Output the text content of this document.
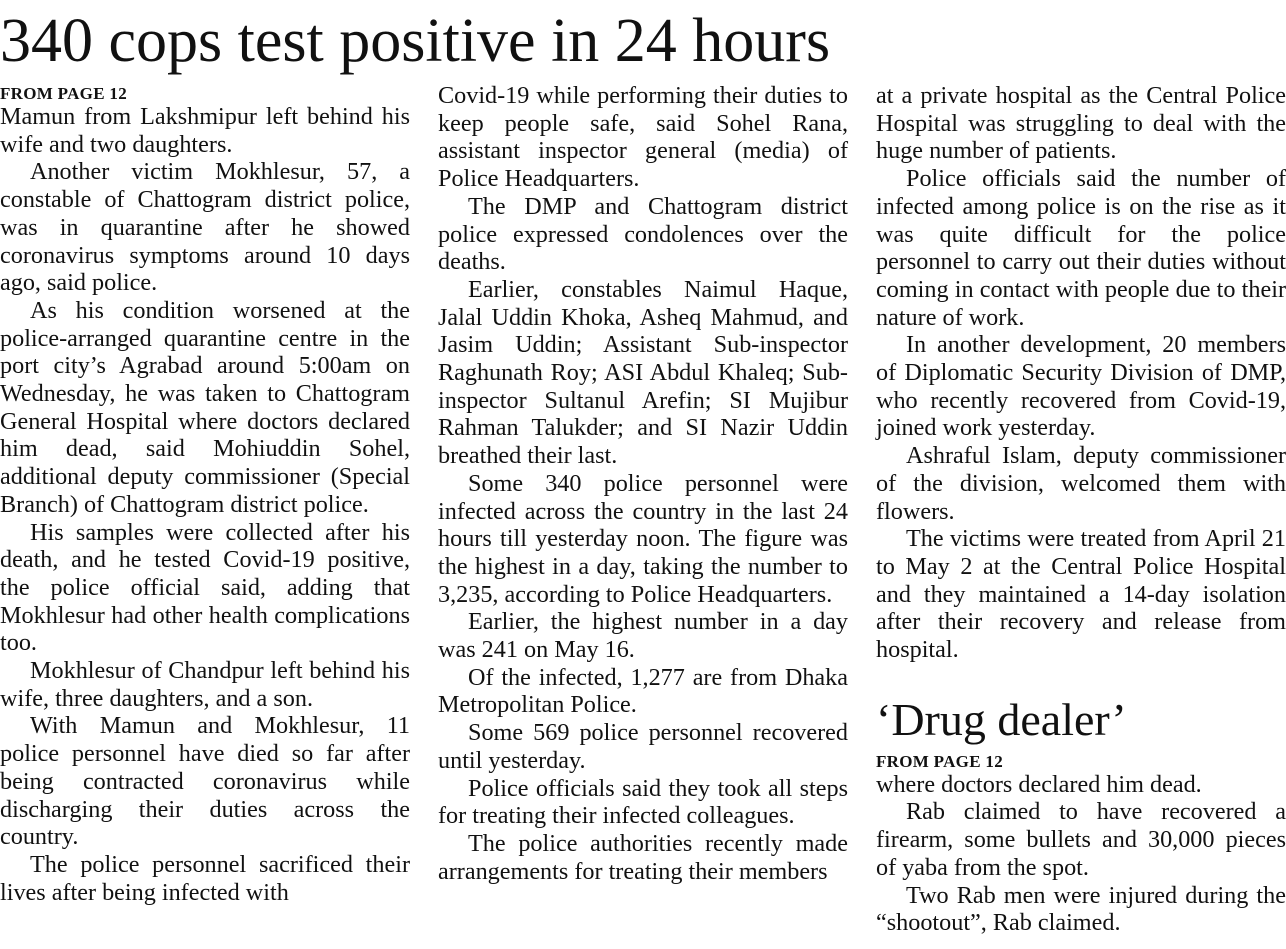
340 cops test positive in 24 hours
FROM PAGE 12

Mamun from Lakshmipur left behind his wife and two daughters.

Another victim Mokhlesur, 57, a constable of Chattogram district police, was in quarantine after he showed coronavirus symptoms around 10 days ago, said police.

As his condition worsened at the police-arranged quarantine centre in the port city’s Agrabad around 5:00am on Wednesday, he was taken to Chattogram General Hospital where doctors declared him dead, said Mohiuddin Sohel, additional deputy commissioner (Special Branch) of Chattogram district police.

His samples were collected after his death, and he tested Covid-19 positive, the police official said, adding that Mokhlesur had other health complications too.

Mokhlesur of Chandpur left behind his wife, three daughters, and a son.

With Mamun and Mokhlesur, 11 police personnel have died so far after being contracted coronavirus while discharging their duties across the country.

The police personnel sacrificed their lives after being infected with

Covid-19 while performing their duties to keep people safe, said Sohel Rana, assistant inspector general (media) of Police Headquarters.

The DMP and Chattogram district police expressed condolences over the deaths.

Earlier, constables Naimul Haque, Jalal Uddin Khoka, Asheq Mahmud, and Jasim Uddin; Assistant Sub-inspector Raghunath Roy; ASI Abdul Khaleq; Sub-inspector Sultanul Arefin; SI Mujibur Rahman Talukder; and SI Nazir Uddin breathed their last.

Some 340 police personnel were infected across the country in the last 24 hours till yesterday noon. The figure was the highest in a day, taking the number to 3,235, according to Police Headquarters.

Earlier, the highest number in a day was 241 on May 16.

Of the infected, 1,277 are from Dhaka Metropolitan Police.

Some 569 police personnel recovered until yesterday.

Police officials said they took all steps for treating their infected colleagues.

The police authorities recently made arrangements for treating their members

at a private hospital as the Central Police Hospital was struggling to deal with the huge number of patients.

Police officials said the number of infected among police is on the rise as it was quite difficult for the police personnel to carry out their duties without coming in contact with people due to their nature of work.

In another development, 20 members of Diplomatic Security Division of DMP, who recently recovered from Covid-19, joined work yesterday.

Ashraful Islam, deputy commissioner of the division, welcomed them with flowers.

The victims were treated from April 21 to May 2 at the Central Police Hospital and they maintained a 14-day isolation after their recovery and release from hospital.

‘Drug dealer’
FROM PAGE 12

where doctors declared him dead.

Rab claimed to have recovered a firearm, some bullets and 30,000 pieces of yaba from the spot.

Two Rab men were injured during the “shootout”, Rab claimed.
